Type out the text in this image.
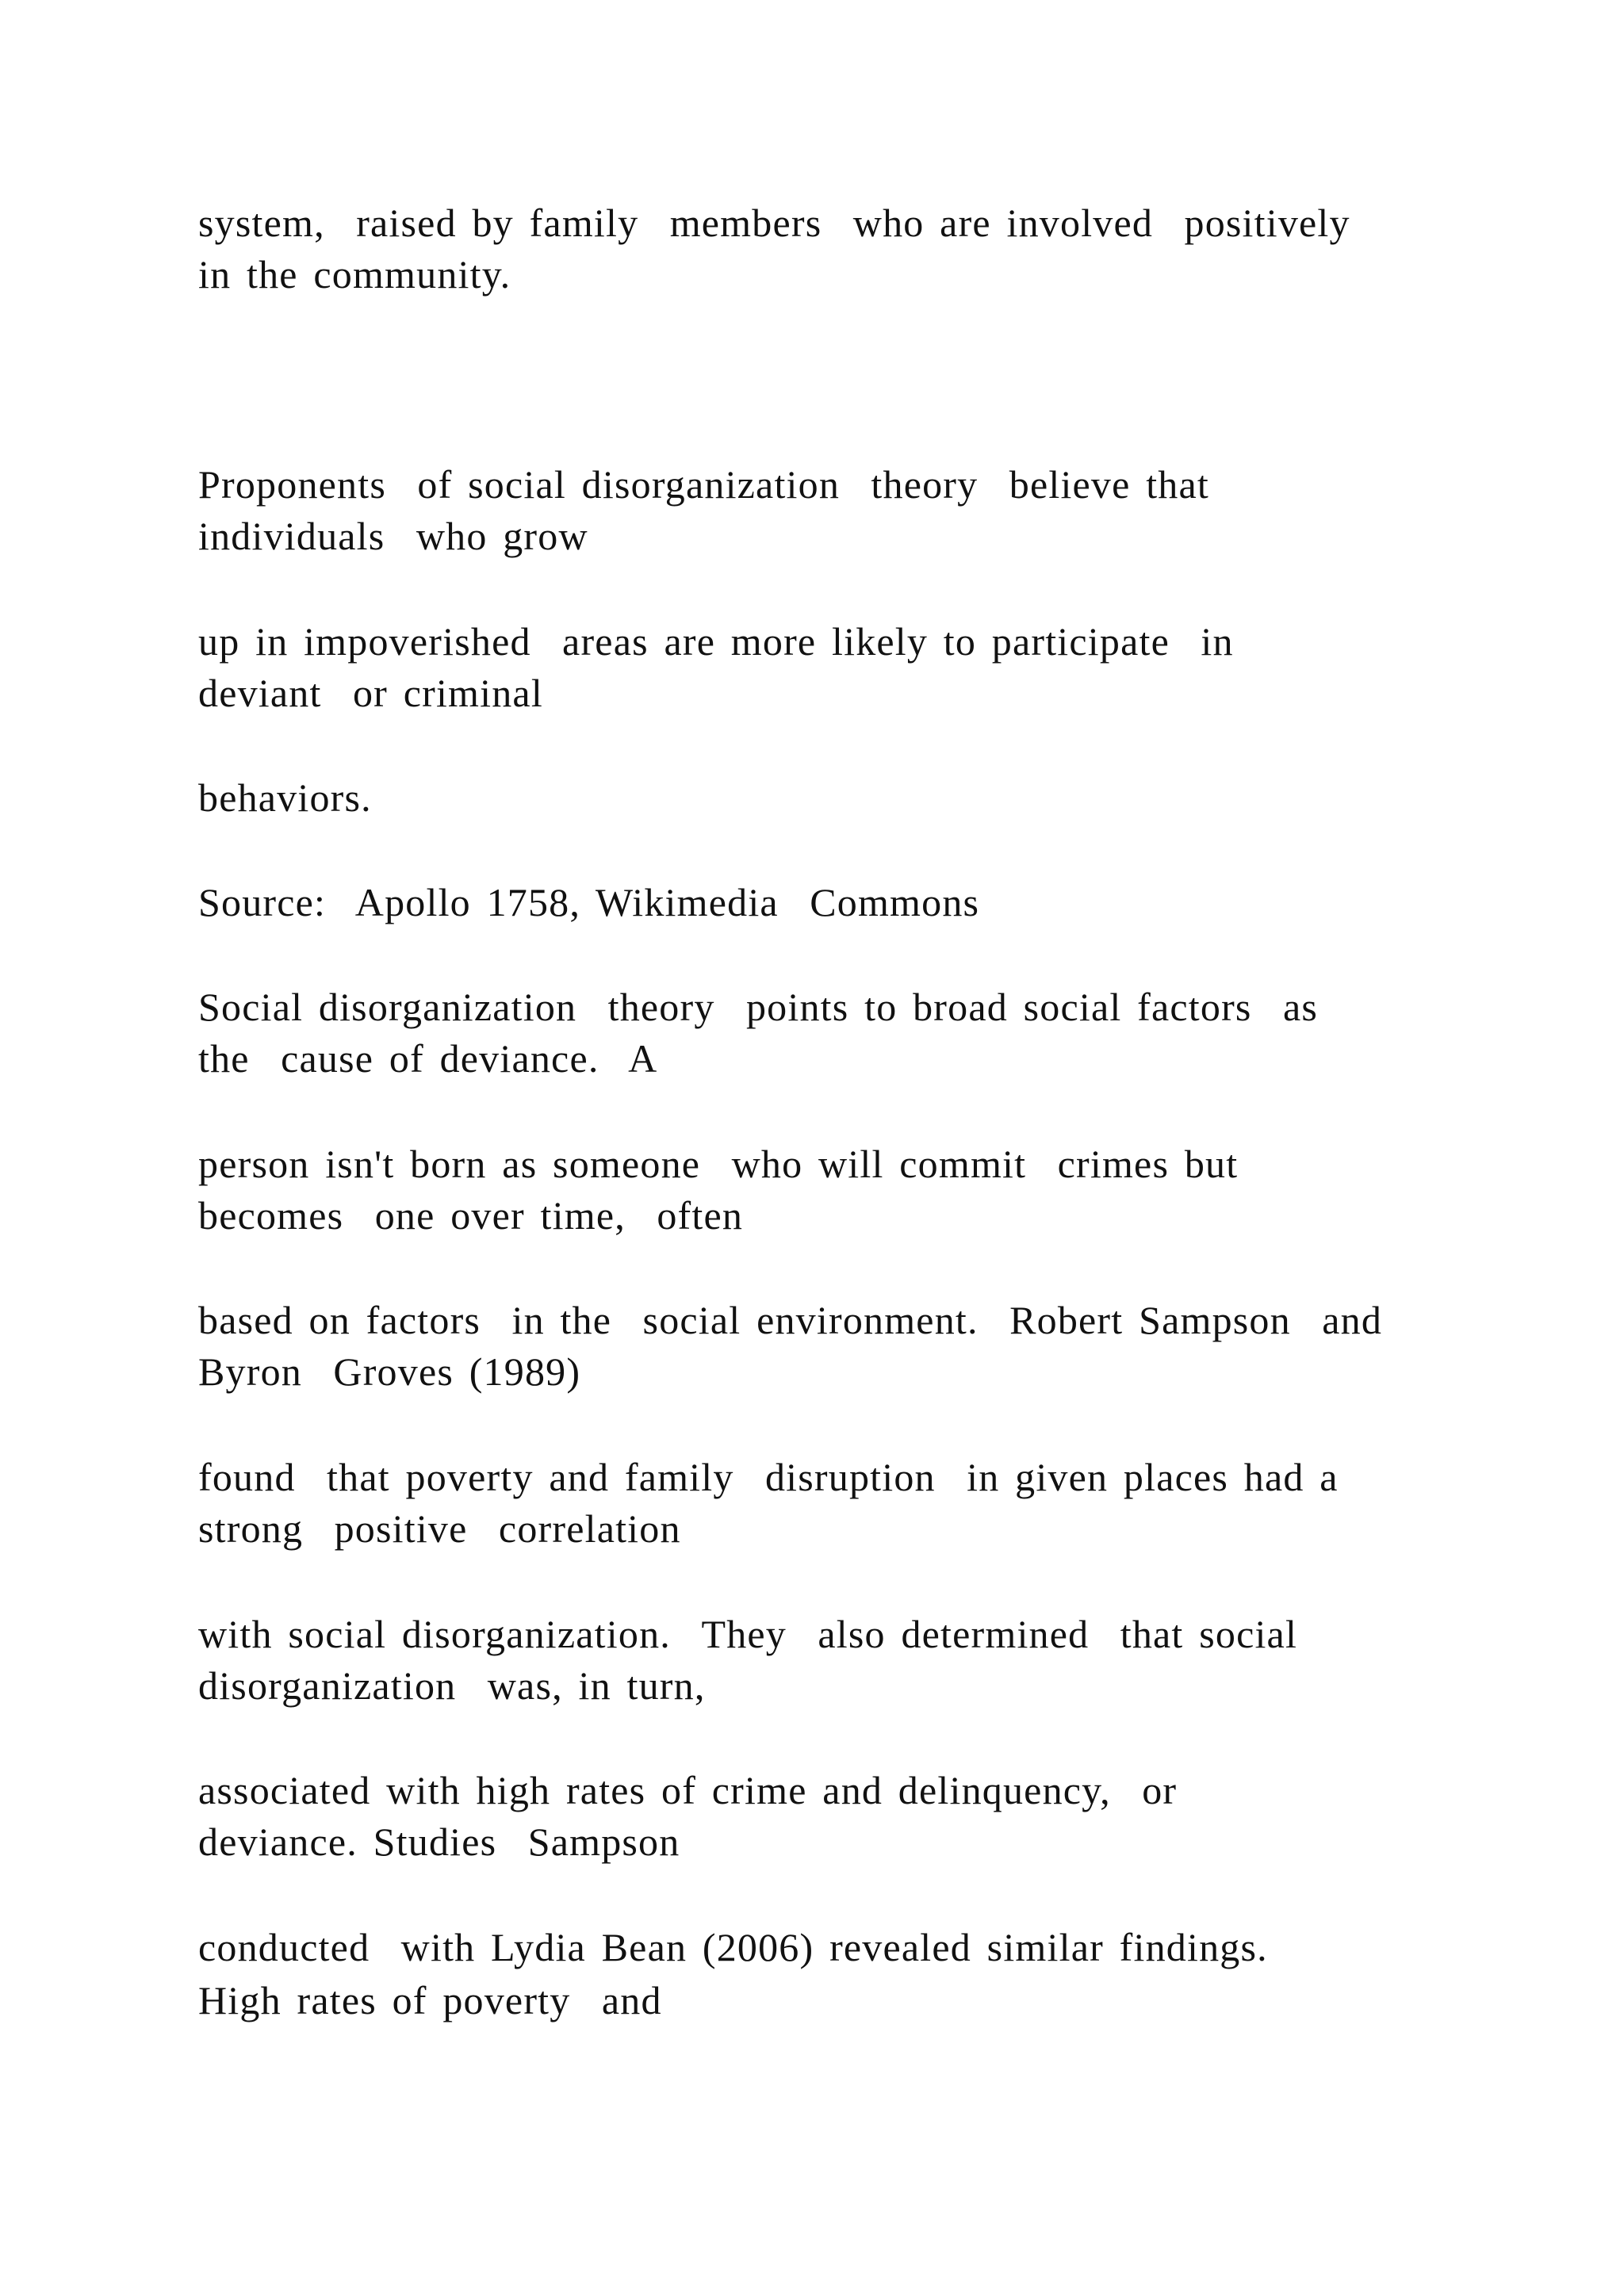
system,  raised by family  members  who are involved  positively

in the community.

Proponents  of social disorganization  theory  believe that

individuals  who grow

up in impoverished  areas are more likely to participate  in

deviant  or criminal

behaviors.

Source:  Apollo 1758, Wikimedia  Commons

Social disorganization  theory  points to broad social factors  as

the  cause of deviance.  A

person isn't born as someone  who will commit  crimes but

becomes  one over time,  often

based on factors  in the  social environment.  Robert Sampson  and

Byron  Groves (1989)

found  that poverty and family  disruption  in given places had a

strong  positive  correlation

with social disorganization.  They  also determined  that social

disorganization  was, in turn,

associated with high rates of crime and delinquency,  or

deviance. Studies  Sampson

conducted  with Lydia Bean (2006) revealed similar findings.

High rates of poverty  and
